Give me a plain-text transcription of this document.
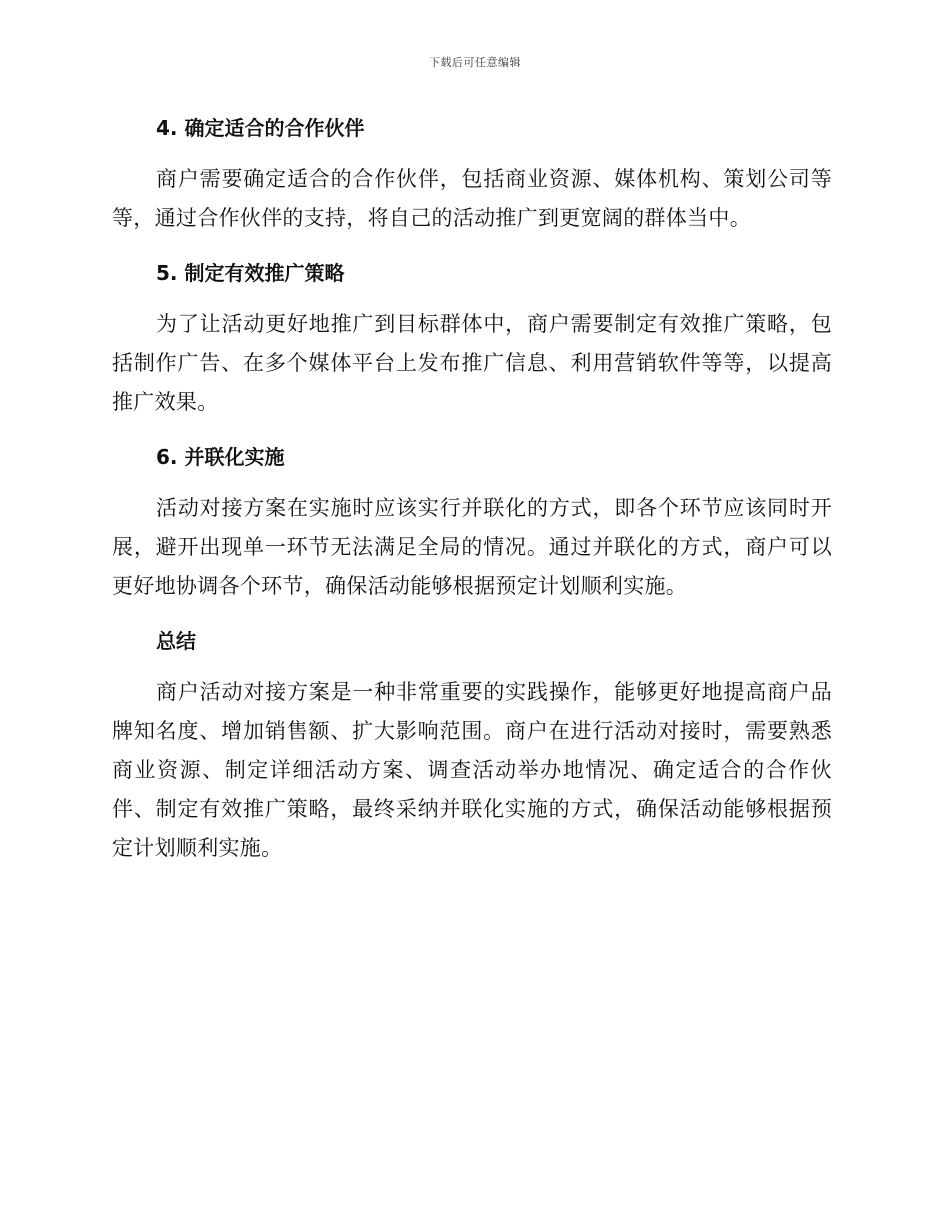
下载后可任意编辑
4. 确定适合的合作伙伴

商户需要确定适合的合作伙伴，包括商业资源、媒体机构、策划公司等等，通过合作伙伴的支持，将自己的活动推广到更宽阔的群体当中。

5. 制定有效推广策略

为了让活动更好地推广到目标群体中，商户需要制定有效推广策略，包括制作广告、在多个媒体平台上发布推广信息、利用营销软件等等，以提高推广效果。

6. 并联化实施

活动对接方案在实施时应该实行并联化的方式，即各个环节应该同时开展，避开出现单一环节无法满足全局的情况。通过并联化的方式，商户可以更好地协调各个环节，确保活动能够根据预定计划顺利实施。

总结

商户活动对接方案是一种非常重要的实践操作，能够更好地提高商户品牌知名度、增加销售额、扩大影响范围。商户在进行活动对接时，需要熟悉商业资源、制定详细活动方案、调查活动举办地情况、确定适合的合作伙伴、制定有效推广策略，最终采纳并联化实施的方式，确保活动能够根据预定计划顺利实施。
